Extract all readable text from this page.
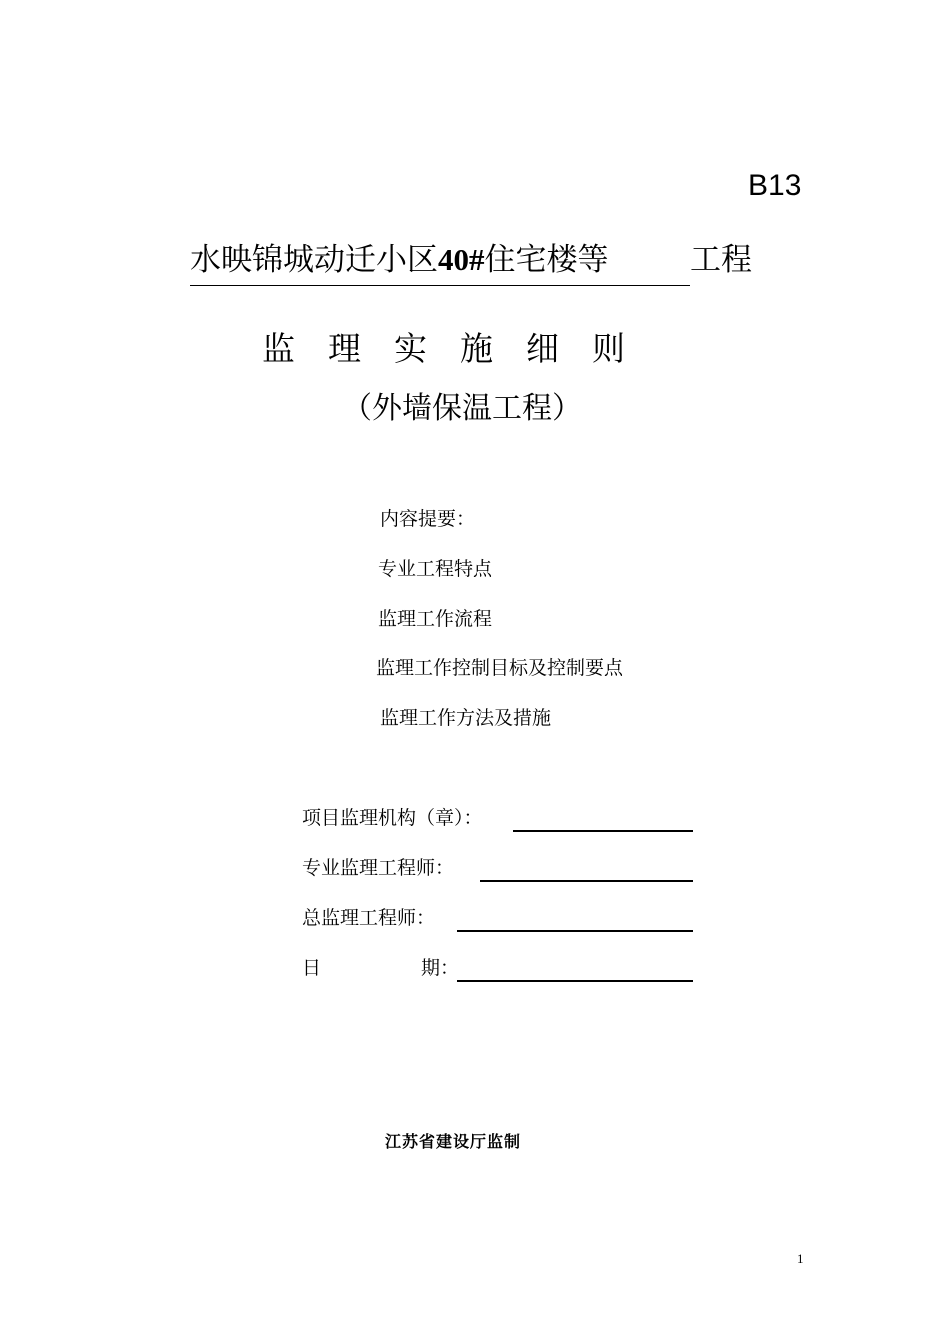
B13
水映锦城动迁小区40#住宅楼等	工程
监理实施细则
（外墙保温工程）
内容提要：
专业工程特点
监理工作流程
监理工作控制目标及控制要点
监理工作方法及措施
项目监理机构（章）：
专业监理工程师：
总监理工程师：
日	期：
江苏省建设厅监制
1
